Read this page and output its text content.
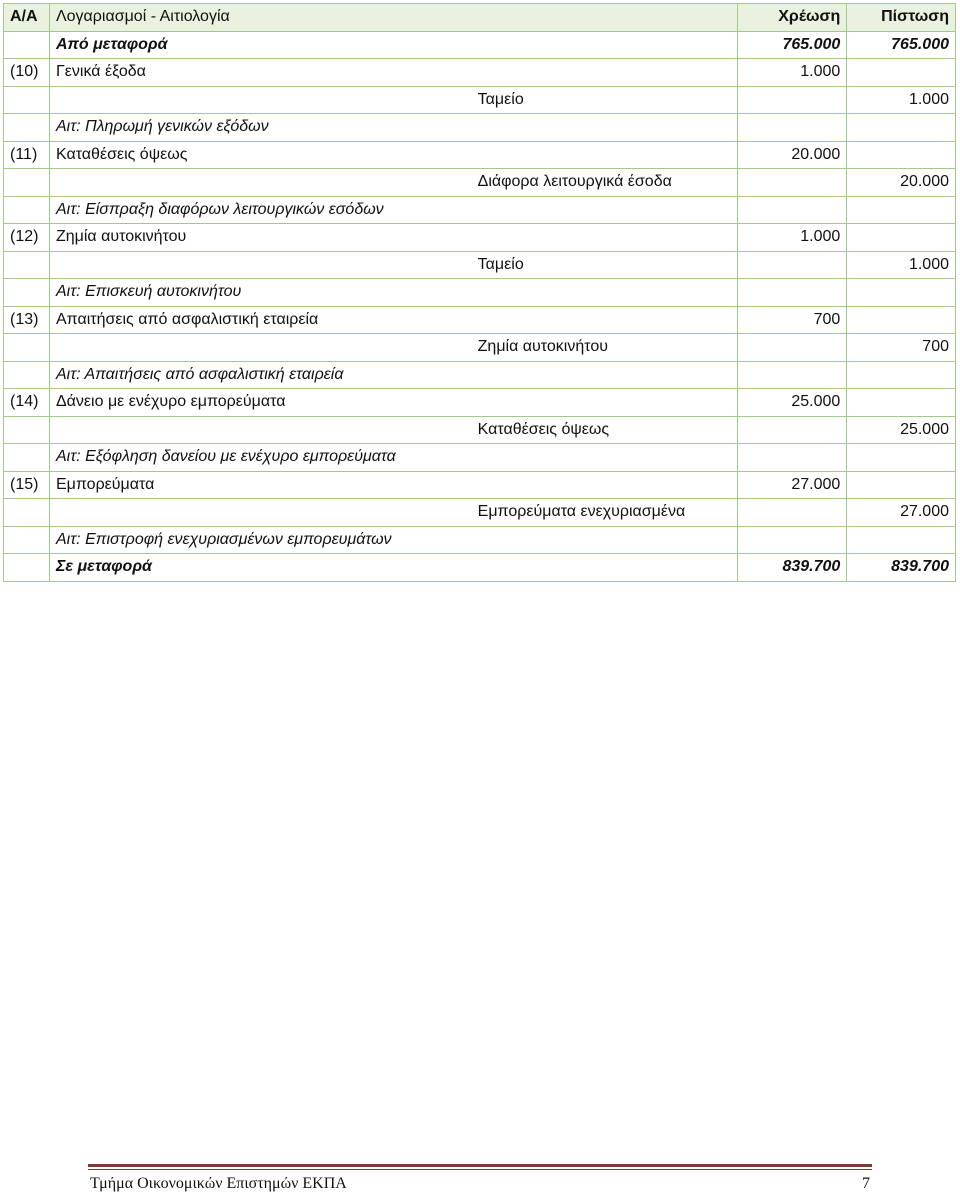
Α/Α	Λογαριασμοί - Αιτιολογία		Χρέωση	Πίστωση
	Από μεταφορά		765.000	765.000
(10)	Γενικά έξοδα		1.000	
		Ταμείο		1.000
	Αιτ: Πληρωμή γενικών εξόδων			
(11)	Καταθέσεις όψεως		20.000	
		Διάφορα λειτουργικά έσοδα		20.000
	Αιτ: Είσπραξη διαφόρων λειτουργικών εσόδων			
(12)	Ζημία αυτοκινήτου		1.000	
		Ταμείο		1.000
	Αιτ: Επισκευή αυτοκινήτου			
(13)	Απαιτήσεις από ασφαλιστική εταιρεία		700	
		Ζημία αυτοκινήτου		700
	Αιτ: Απαιτήσεις από ασφαλιστική εταιρεία			
(14)	Δάνειο με ενέχυρο εμπορεύματα		25.000	
		Καταθέσεις όψεως		25.000
	Αιτ: Εξόφληση δανείου με ενέχυρο εμπορεύματα			
(15)	Εμπορεύματα		27.000	
		Εμπορεύματα ενεχυριασμένα		27.000
	Αιτ: Επιστροφή ενεχυριασμένων εμπορευμάτων			
	Σε μεταφορά		839.700	839.700
Τμήμα Οικονομικών Επιστημών ΕΚΠΑ	7
